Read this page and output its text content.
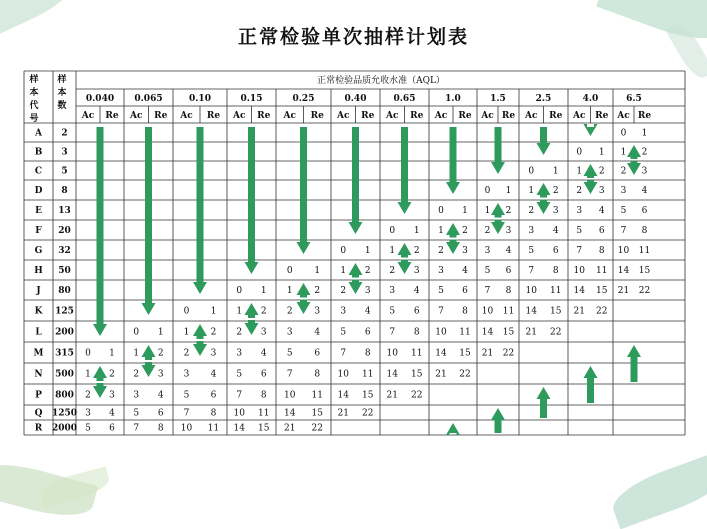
正常检验单次抽样计划表
样
本
代
号
样
本
数
正常检验品质允收水准（AQL）
0.040
Ac Re
0.065
Ac Re
0.10
Ac Re
0.15
Ac Re
0.25
Ac Re
0.40
Ac Re
0.65
Ac Re
1.0
Ac Re
1.5
Ac Re
2.5
Ac Re
4.0
Ac Re
6.5
Ac Re
A 2
B 3
C 5
D 8
E 13
F 20
G 32
H 50
J 80
K 125
L 200
M 315
N 500
P 800
Q 1250
R 2000
0 1
1 2
2 3
3 4
5 6
0 1
1 2
2 3
3 4
5 6
7 8
0 1
1 2
2 3
3 4
5 6
7 8
10 11
0 1
1 2
2 3
3 4
5 6
7 8
10 11
14 15
0 1
1 2
2 3
3 4
5 6
7 8
10 11
14 15
21 22
0 1
1 2
2 3
3 4
5 6
7 8
10 11
14 15
21 22
0 1
1 2
2 3
3 4
5 6
7 8
10 11
14 15
21 22
0 1
1 2
2 3
3 4
5 6
7 8
10 11
14 15
21 22
0 1
1 2
2 3
3 4
5 6
7 8
10 11
14 15
21 22
0 1
1 2
2 3
3 4
5 6
7 8
10 11
14 15
21 22
0 1
1 2
2 3
3 4
5 6
7 8
10 11
14 15
21 22
0 1
1 2
2 3
3 4
5 6
7 8
10 11
14 15
21 22
